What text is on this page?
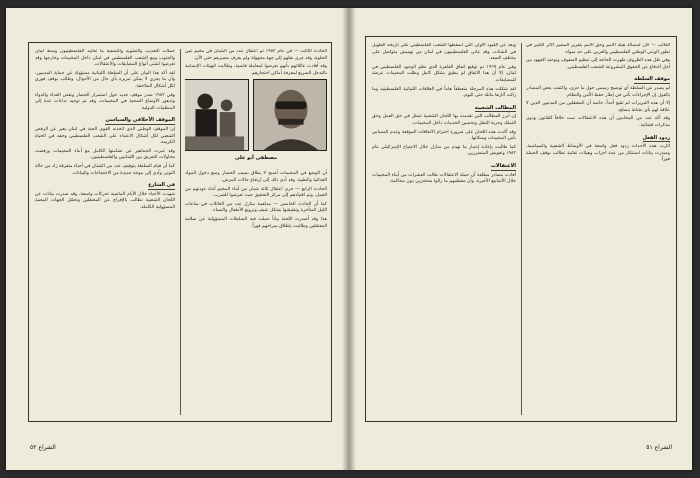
حملات التعذيب والتشويه والتصفية ما تعانيه الفلسطينيون وسط لبنان والجنوب ومع الشعب الفلسطيني في لبنان داخل المخيمات وخارجها وقد تعرضوا لشتى أنواع المضايقات والاعتقالات.

لقد أكد هذا البيان على أن السلطة اللبنانية مسؤولة عن حماية المدنيين، وأن ما يجري لا يمكن تبريره بأي حال من الأحوال، وطالب بوقف فوري لكل أشكال الملاحقة.

وفي ١٩٨٢ صدر موقف جديد حول استمرار الحصار ونقص الغذاء والدواء وتدهور الأوضاع الصحية في المخيمات، وقد تم توجيه نداءات عدة إلى المنظمات الدولية.

الموقف الأخلاقي والسياسي

إن الموقف الوطني الذي اتخذته القوى الحية في لبنان يعبر عن الرفض الشعبي لكل أشكال الاعتداء على الشعب الفلسطيني وحقه في الحياة الكريمة.

وقد عبرت الجماهير عن تضامنها الكامل مع أبناء المخيمات ورفضت محاولات التفريق بين اللبنانيين والفلسطينيين.

كما أن قيام السلطة بتوقيف عدد من الشبان في أحياء متفرقة زاد من حالة التوتر، وأدى إلى موجة جديدة من الاحتجاجات والبيانات.

في الشارع

شهدت الأحياء خلال الأيام الماضية تحركات واسعة، وقد صدرت بيانات عن اللجان الشعبية تطالب بالإفراج عن المعتقلين وتحمّل الجهات المعنية المسؤولية الكاملة.

الحادث الثالث — في عام ١٩٨٢ تم اعتقال عدد من الشبان في مخيم عين الحلوة، وقد جرى نقلهم إلى جهة مجهولة ولم يعرف مصيرهم حتى الآن.

وقد أفادت عائلاتهم بأنهم تعرضوا لمعاملة قاسية، وطالبت الهيئات الإنسانية بالتدخل السريع لمعرفة أماكن احتجازهم.

مصطفى أبو علي

أن الوضع في المخيمات أصبح لا يطاق بسبب الحصار ومنع دخول المواد الغذائية والطبية، وقد أدى ذلك إلى ارتفاع حالات المرض.

الحادث الرابع — جرى اعتقال ثلاثة شبان من أبناء المخيم أثناء عودتهم من العمل، وتم اقتيادهم إلى مركز التحقيق حيث تعرضوا للضرب.

كما أن الحادث الخامس — مداهمة منازل عدد من العائلات في ساعات الليل المتأخرة وتفتيشها بشكل عنيف وترويع الأطفال والنساء.

هذا وقد أصدرت اللجنة بياناً حملت فيه السلطات المسؤولية عن سلامة المعتقلين وطالبت بإطلاق سراحهم فوراً.

الشراع ٥٢

وبعد عن القيود الأولى التي أسقطها الشعب الفلسطيني على تاريخه الطويل في الشتات، وقد عانى الفلسطينيون في لبنان من تهميش متواصل على مختلف الصعد.

وفي عام ١٩٦٩ تم توقيع اتفاق القاهرة الذي نظم الوجود الفلسطيني في لبنان، إلا أن هذا الاتفاق لم يطبق بشكل كامل وظلت المخيمات عرضة للمضايقات.

لقد شكلت هذه المرحلة منعطفاً هاماً في العلاقات اللبنانية الفلسطينية وما زالت آثارها ماثلة حتى اليوم.

المطالب الشعبية

إن أبرز المطالب التي تقدمت بها اللجان الشعبية تتمثل في حق العمل وحق التملك وحرية التنقل وتحسين الخدمات داخل المخيمات.

وقد أكدت هذه اللجان على ضرورة احترام الاتفاقات الموقعة وعدم المساس بأمن المخيمات وسكانها.

كما طالبت بإعادة إعمار ما تهدم من منازل خلال الاجتياح الإسرائيلي عام ١٩٨٢ وتعويض المتضررين.

الاعتقالات

أفادت مصادر مطلعة أن حملة الاعتقالات طالت العشرات من أبناء المخيمات خلال الأسابيع الأخيرة، وأن معظمهم ما زالوا محتجزين دون محاكمة.

الغالب — كان لمسألة هيئة الأمم وحق الأمم بتقرير المصير الأثر الكبير في تطور الوعي الوطني الفلسطيني والعربي على حد سواء.

وفي ظل هذه الظروف ظهرت الحاجة إلى تنظيم الصفوف وتوحيد الجهود من أجل الدفاع عن الحقوق المشروعة للشعب الفلسطيني.

موقف السلطة

لم يصدر عن السلطة أي توضيح رسمي حول ما جرى، واكتفت بعض المصادر بالقول إن الإجراءات تأتي في إطار حفظ الأمن والنظام.

إلا أن هذه التبريرات لم تقنع أحداً، خاصة أن المعتقلين من المدنيين الذين لا علاقة لهم بأي نشاط مسلح.

وقد أكد عدد من المحامين أن هذه الاعتقالات تمت خلافاً للقانون ودون مذكرات قضائية.

ردود الفعل

أثارت هذه الأحداث ردود فعل واسعة في الأوساط الشعبية والسياسية، وصدرت بيانات استنكار من عدة أحزاب وهيئات نقابية تطالب بوقف الحملة فوراً.

الشراع ٥١
